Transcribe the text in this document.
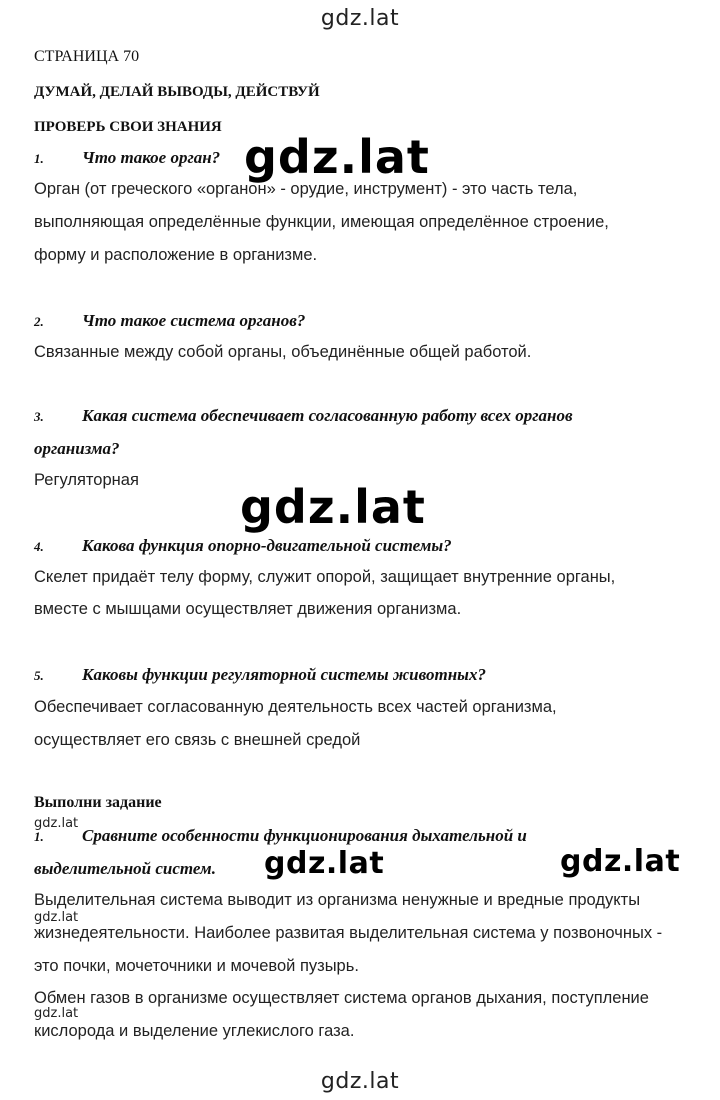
gdz.lat
gdz.lat
gdz.lat
gdz.lat	gdz.lat
gdz.lat
gdz.lat
gdz.lat
gdz.lat
СТРАНИЦА 70
ДУМАЙ, ДЕЛАЙ ВЫВОДЫ, ДЕЙСТВУЙ
ПРОВЕРЬ СВОИ ЗНАНИЯ
1. Что такое орган?
Орган (от греческого «органон» - орудие, инструмент) - это часть тела,
выполняющая определённые функции, имеющая определённое строение,
форму и расположение в организме.
2. Что такое система органов?
Связанные между собой органы, объединённые общей работой.
3. Какая система обеспечивает согласованную работу всех органов
организма?
Регуляторная
4. Какова функция опорно-двигательной системы?
Скелет придаёт телу форму, служит опорой, защищает внутренние органы,
вместе с мышцами осуществляет движения организма.
5. Каковы функции регуляторной системы животных?
Обеспечивает согласованную деятельность всех частей организма,
осуществляет его связь с внешней средой
Выполни задание
1. Сравните особенности функционирования дыхательной и
выделительной систем.
Выделительная система выводит из организма ненужные и вредные продукты
жизнедеятельности. Наиболее развитая выделительная система у позвоночных -
это почки, мочеточники и мочевой пузырь.
Обмен газов в организме осуществляет система органов дыхания, поступление
кислорода и выделение углекислого газа.
